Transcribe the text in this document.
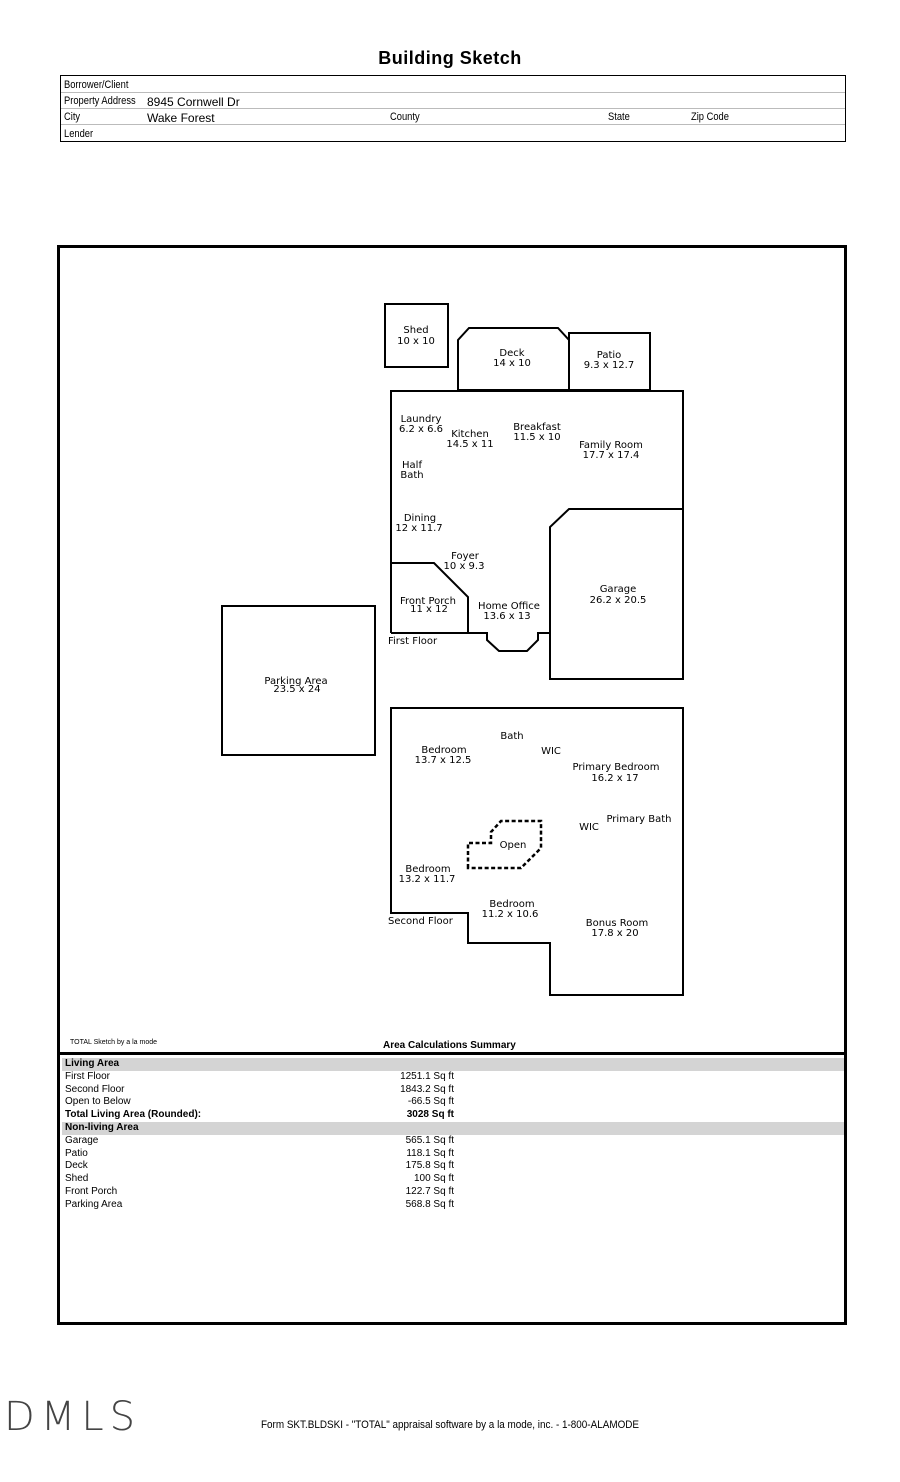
Building Sketch
Borrower/Client
Property Address 8945 Cornwell Dr
City	Wake Forest	County	State	Zip Code
Lender
Shed
10 x 10
Deck
14 x 10
Patio
9.3 x 12.7
Laundry
6.2 x 6.6 Kitchen
14.5 x 11
Breakfast
11.5 x 10
Family Room
17.7 x 17.4
Half
Bath
Dining
12 x 11.7
Foyer
10 x 9.3
Garage
26.2 x 20.5
Front Porch
11 x 12	Home Office
13.6 x 13
First Floor
Parking Area
23.5 x 24
Bath
WIC
Bedroom
13.7 x 12.5
Primary Bedroom
16.2 x 17
Primary Bath
WIC
Open
Bedroom
13.2 x 11.7
Bedroom
11.2 x 10.6
Second Floor	Bonus Room
17.8 x 20
TOTAL Sketch by a la mode	Area Calculations Summary
Living Area
First Floor	1251.1 Sq ft
Second Floor	1843.2 Sq ft
Open to Below	-66.5 Sq ft
Total Living Area (Rounded):	3028 Sq ft
Non-living Area
Garage	565.1 Sq ft
Patio	118.1 Sq ft
Deck	175.8 Sq ft
Shed	100 Sq ft
Front Porch	122.7 Sq ft
Parking Area	568.8 Sq ft
DMLS	Form SKT.BLDSKI - "TOTAL" appraisal software by a la mode, inc. - 1-800-ALAMODE
